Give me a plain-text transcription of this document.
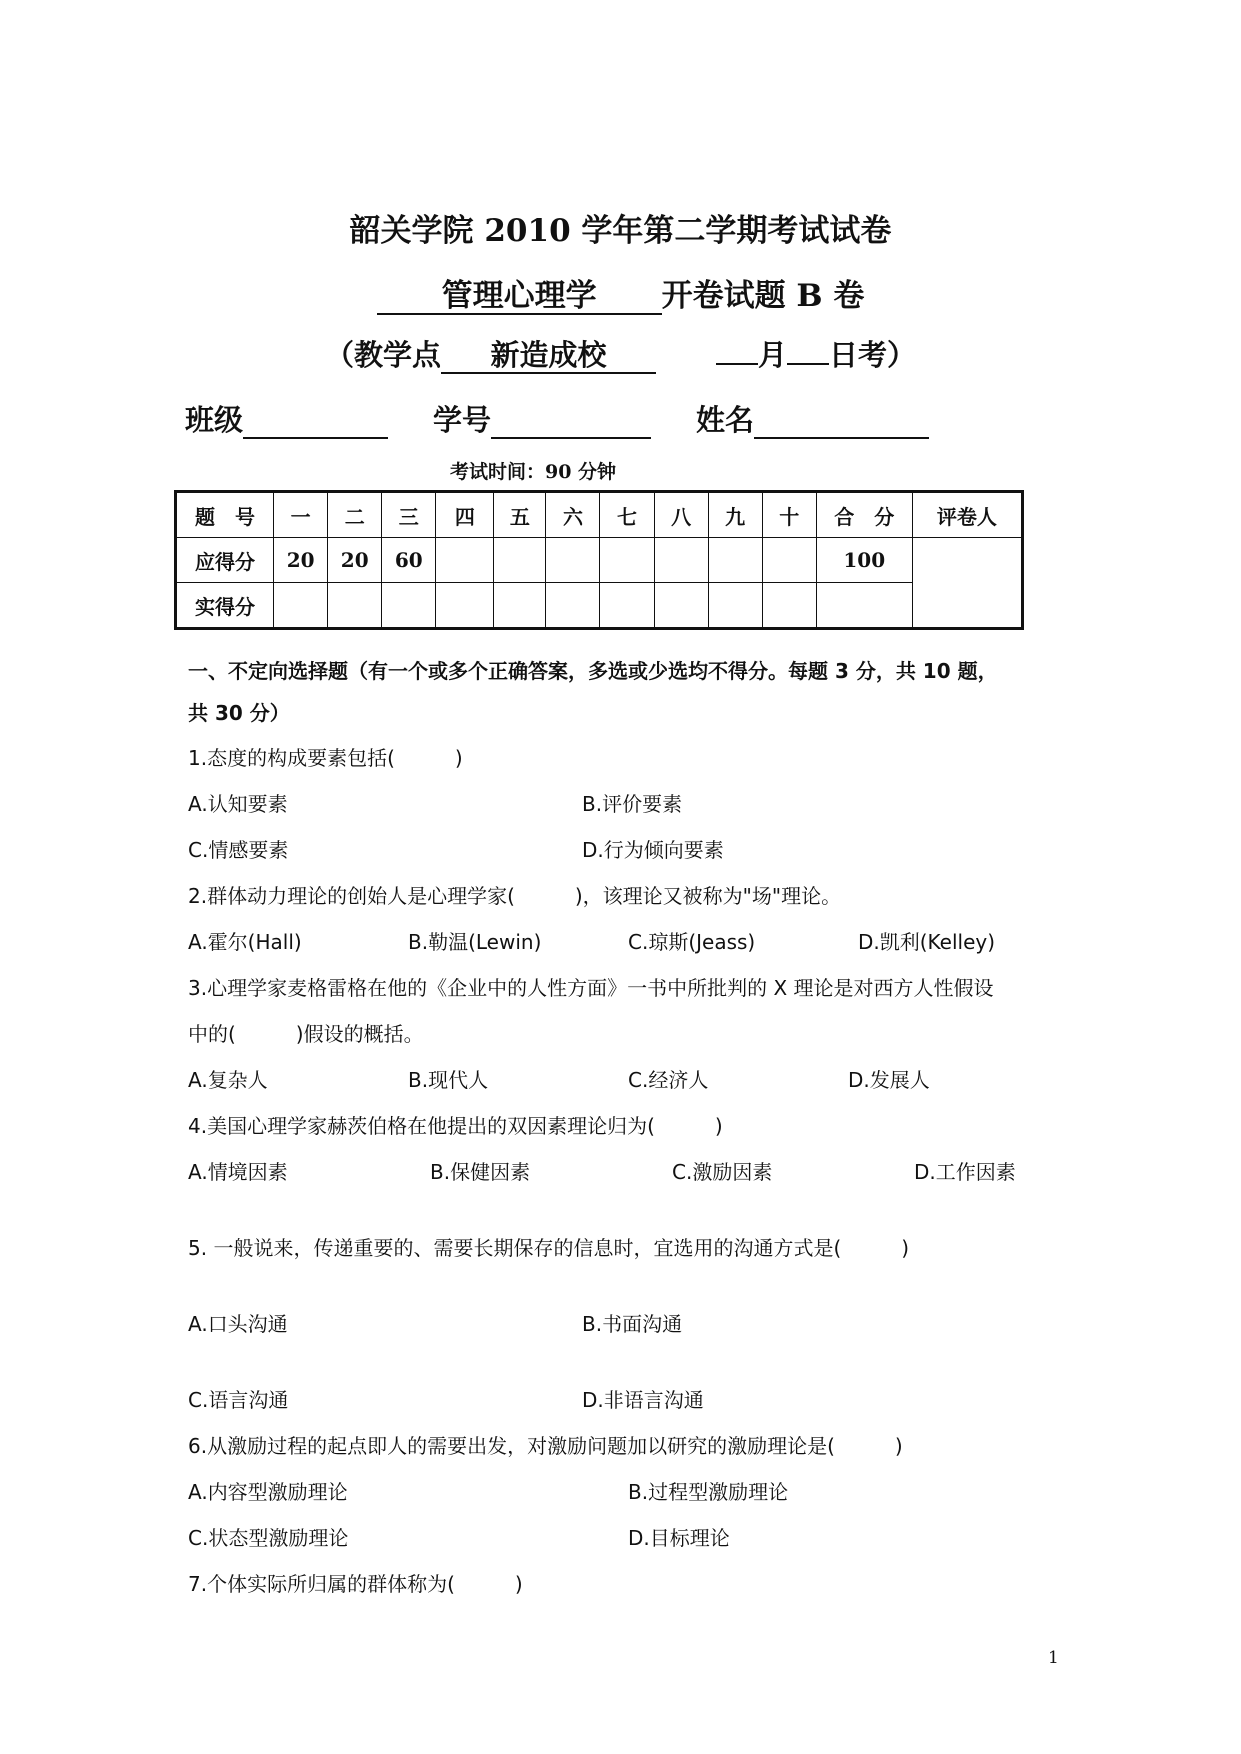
韶关学院 2010 学年第二学期考试试卷
管理心理学 开卷试题 B 卷
（教学点 新造成校	月 日考）
班级	学号	姓名
考试时间：90 分钟
题　号	一	二	三	四	五	六	七	八	九	十	合　分	评卷人
应得分	20	20	60								100	
实得分												
一、不定向选择题（有一个或多个正确答案，多选或少选均不得分。每题 3 分，共 10 题，
共 30 分）
1.态度的构成要素包括(　　　)
A.认知要素	B.评价要素
C.情感要素	D.行为倾向要素
2.群体动力理论的创始人是心理学家(　　　)，该理论又被称为"场"理论。
A.霍尔(Hall)	B.勒温(Lewin)	C.琼斯(Jeass)	D.凯利(Kelley)
3.心理学家麦格雷格在他的《企业中的人性方面》一书中所批判的 X 理论是对西方人性假设
中的(　　　)假设的概括。
A.复杂人	B.现代人	C.经济人	D.发展人
4.美国心理学家赫茨伯格在他提出的双因素理论归为(　　　)
A.情境因素	B.保健因素	C.激励因素	D.工作因素
5. 一般说来，传递重要的、需要长期保存的信息时，宜选用的沟通方式是(　　　)
A.口头沟通	B.书面沟通
C.语言沟通	D.非语言沟通
6.从激励过程的起点即人的需要出发，对激励问题加以研究的激励理论是(　　　)
A.内容型激励理论	B.过程型激励理论
C.状态型激励理论	D.目标理论
7.个体实际所归属的群体称为(　　　)
1
